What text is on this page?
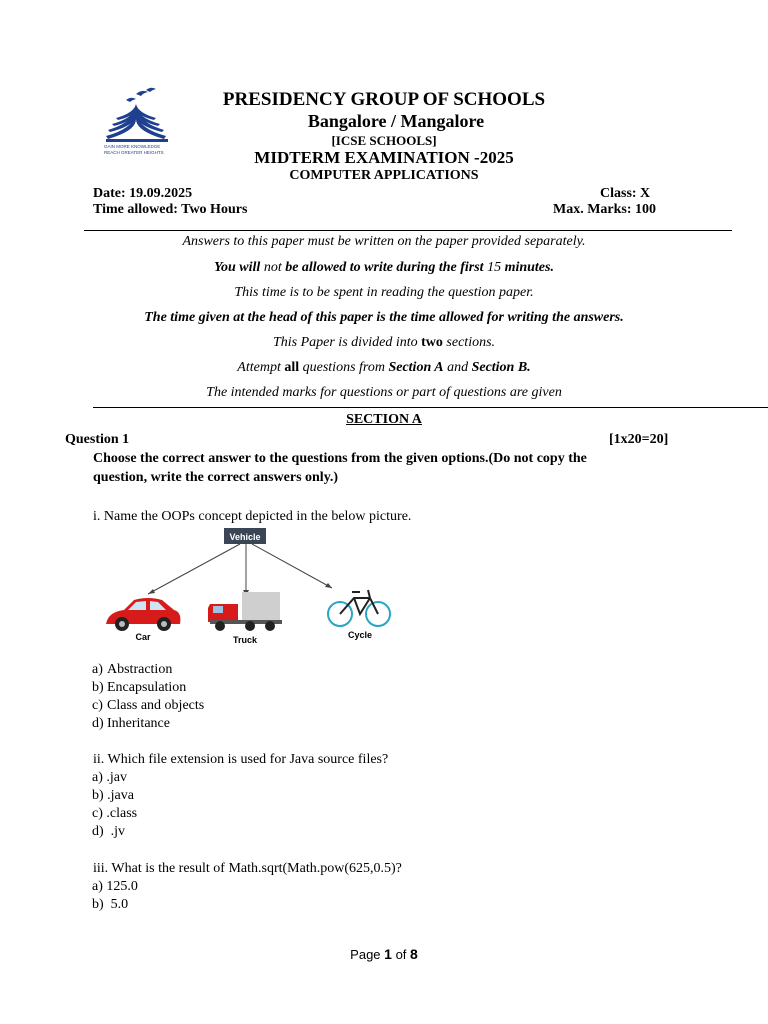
GAIN MORE KNOWLEDGE
REACH GREATER HEIGHTS
PRESIDENCY GROUP OF SCHOOLS
Bangalore / Mangalore
[ICSE SCHOOLS]
MIDTERM EXAMINATION -2025
COMPUTER APPLICATIONS
Date: 19.09.2025	Class: X
Time allowed: Two Hours	Max. Marks: 100
Answers to this paper must be written on the paper provided separately.
You will not be allowed to write during the first 15 minutes.
This time is to be spent in reading the question paper.
The time given at the head of this paper is the time allowed for writing the answers.
This Paper is divided into two sections.
Attempt all questions from Section A and Section B.
The intended marks for questions or part of questions are given
SECTION A
Question 1	[1x20=20]
Choose the correct answer to the questions from the given options.(Do not copy the
question, write the correct answers only.)
i. Name the OOPs concept depicted in the below picture.
Vehicle
Car	Truck	Cycle
a) Abstraction
b) Encapsulation
c) Class and objects
d) Inheritance
ii. Which file extension is used for Java source files?
a) .jav
b) .java
c) .class
d)  .jv
iii. What is the result of Math.sqrt(Math.pow(625,0.5)?
a) 125.0
b)  5.0
Page 1 of 8
